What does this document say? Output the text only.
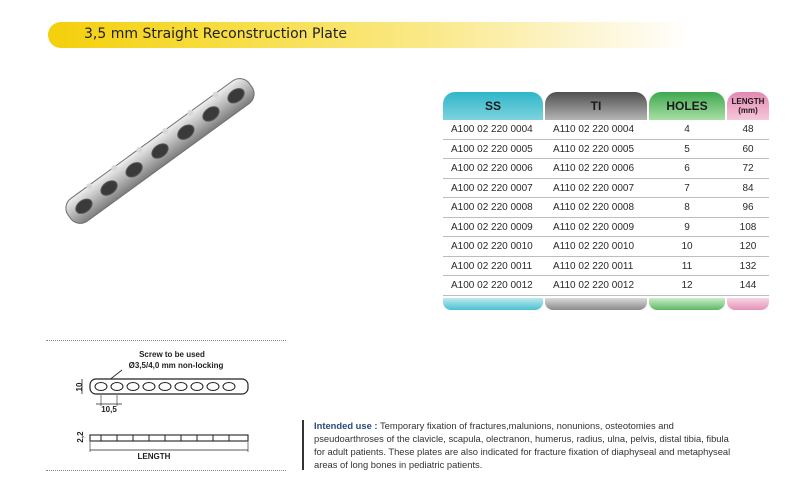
3,5 mm Straight Reconstruction Plate
SS	TI	HOLES	LENGTH
(mm)
A100 02 220 0004	A110 02 220 0004	4	48
A100 02 220 0005	A110 02 220 0005	5	60
A100 02 220 0006	A110 02 220 0006	6	72
A100 02 220 0007	A110 02 220 0007	7	84
A100 02 220 0008	A110 02 220 0008	8	96
A100 02 220 0009	A110 02 220 0009	9	108
A100 02 220 0010	A110 02 220 0010	10	120
A100 02 220 0011	A110 02 220 0011	11	132
A100 02 220 0012	A110 02 220 0012	12	144
Screw to be used
Ø3,5/4,0 mm non-locking
10
10,5
2,2
LENGTH
Intended use : Temporary fixation of fractures,malunions, nonunions, osteotomies and pseudoarthroses of the clavicle, scapula, olectranon, humerus, radius, ulna, pelvis, distal tibia, fibula for adult patients. These plates are also indicated for fracture fixation of diaphyseal and metaphyseal areas of long bones in pediatric patients.
